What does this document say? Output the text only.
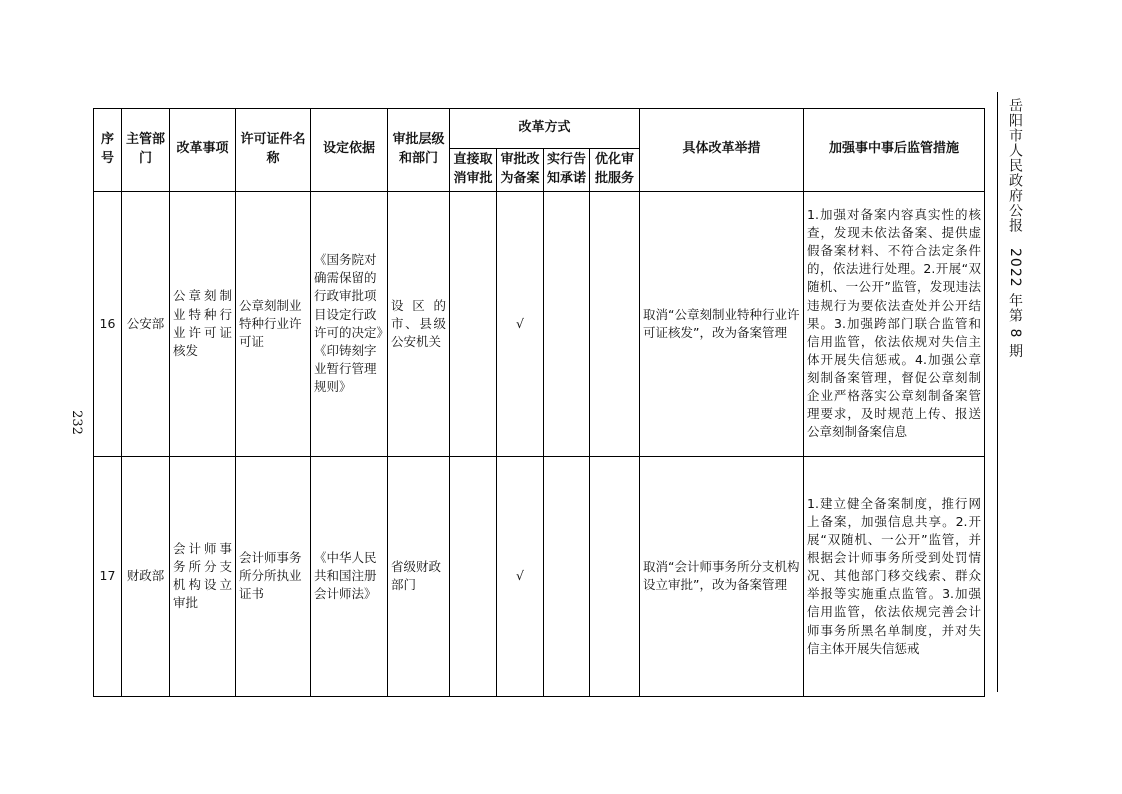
232
岳阳市人民政府公报　2022 年第 8 期
序号	主管部门	改革事项	许可证件名称	设定依据	审批层级和部门	改革方式				具体改革举措	加强事中事后监管措施
						直接取消审批	审批改为备案	实行告知承诺	优化审批服务		
16	公安部	公章刻制业特种行业许可证核发	公章刻制业特种行业许可证	《国务院对确需保留的行政审批项目设定行政许可的决定》《印铸刻字业暂行管理规则》	设区的市、县级公安机关		√			取消“公章刻制业特种行业许可证核发”，改为备案管理	1.加强对备案内容真实性的核查，发现未依法备案、提供虚假备案材料、不符合法定条件的，依法进行处理。2.开展“双随机、一公开”监管，发现违法违规行为要依法查处并公开结果。3.加强跨部门联合监管和信用监管，依法依规对失信主体开展失信惩戒。4.加强公章刻制备案管理，督促公章刻制企业严格落实公章刻制备案管理要求，及时规范上传、报送公章刻制备案信息
17	财政部	会计师事务所分支机构设立审批	会计师事务所分所执业证书	《中华人民共和国注册会计师法》	省级财政部门		√			取消“会计师事务所分支机构设立审批”，改为备案管理	1.建立健全备案制度，推行网上备案，加强信息共享。2.开展“双随机、一公开”监管，并根据会计师事务所受到处罚情况、其他部门移交线索、群众举报等实施重点监管。3.加强信用监管，依法依规完善会计师事务所黑名单制度，并对失信主体开展失信惩戒
